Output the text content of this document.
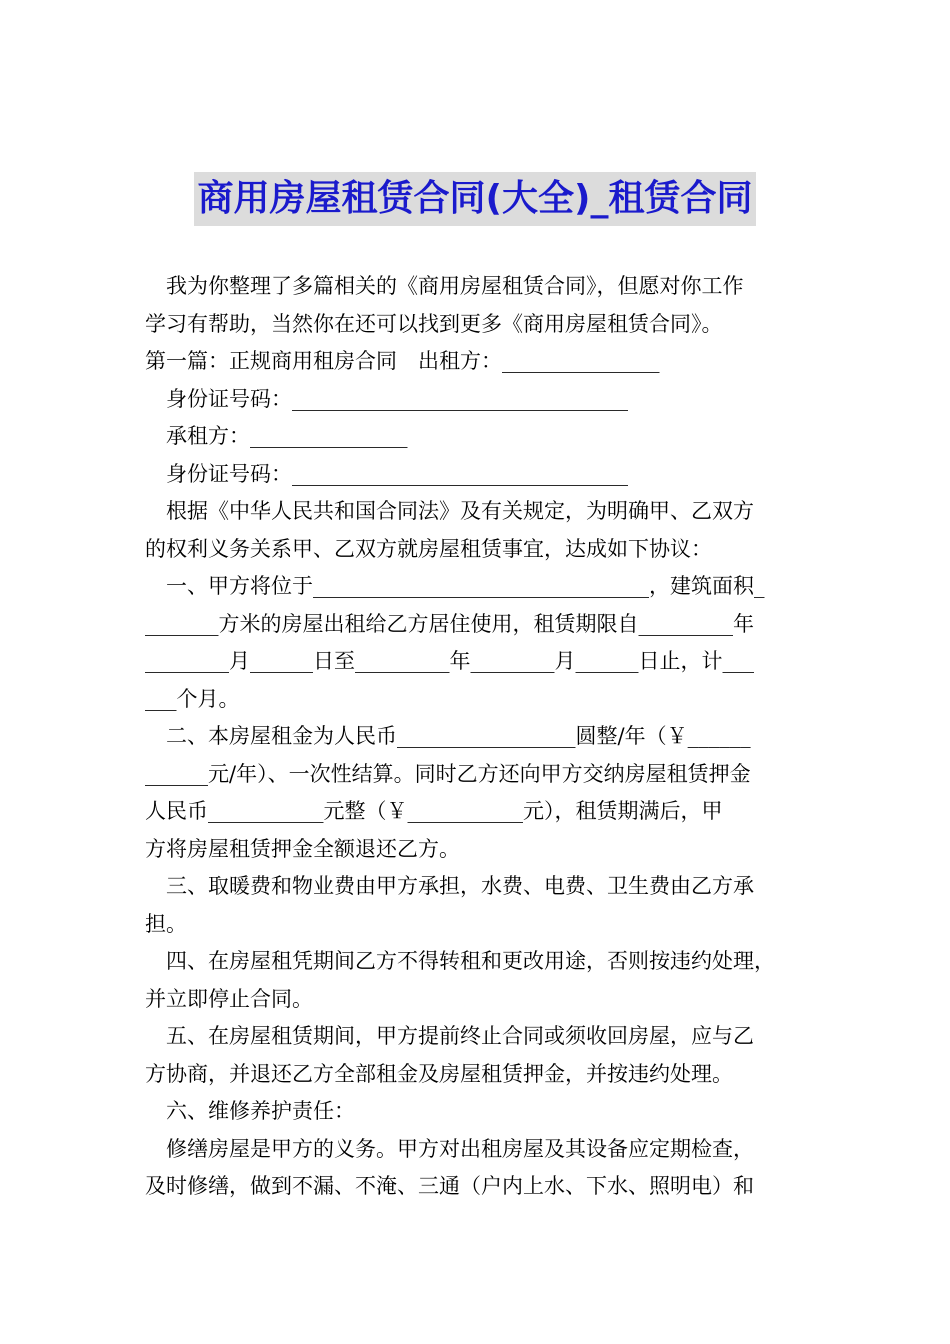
商用房屋租赁合同(大全)_租赁合同
我为你整理了多篇相关的《商用房屋租赁合同》，但愿对你工作
学习有帮助，当然你在还可以找到更多《商用房屋租赁合同》。
第一篇：正规商用租房合同　出租方：_______________
身份证号码：________________________________
承租方：_______________
身份证号码：________________________________
根据《中华人民共和国合同法》及有关规定，为明确甲、乙双方
的权利义务关系甲、乙双方就房屋租赁事宜，达成如下协议：
一、甲方将位于________________________________，建筑面积_
_______方米的房屋出租给乙方居住使用，租赁期限自_________年
________月______日至_________年________月______日止，计___
___个月。
二、本房屋租金为人民币_________________圆整/年（￥______
______元/年）、一次性结算。同时乙方还向甲方交纳房屋租赁押金
人民币___________元整（￥___________元），租赁期满后，甲
方将房屋租赁押金全额退还乙方。
三、取暖费和物业费由甲方承担，水费、电费、卫生费由乙方承
担。
四、在房屋租凭期间乙方不得转租和更改用途，否则按违约处理，
并立即停止合同。
五、在房屋租赁期间，甲方提前终止合同或须收回房屋，应与乙
方协商，并退还乙方全部租金及房屋租赁押金，并按违约处理。
六、维修养护责任：
修缮房屋是甲方的义务。甲方对出租房屋及其设备应定期检查，
及时修缮，做到不漏、不淹、三通（户内上水、下水、照明电）和
